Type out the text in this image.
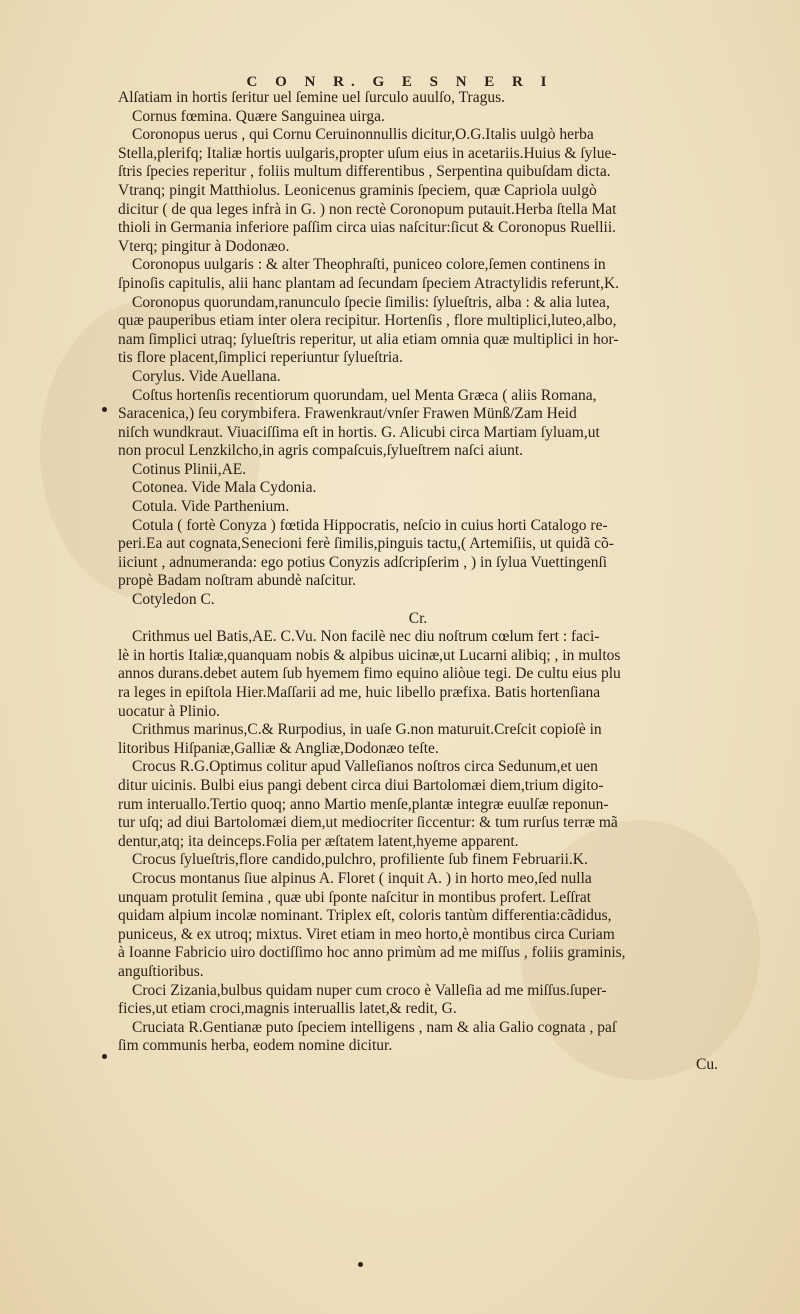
C O N R. G E S N E R I
Alſatiam in hortis ſeritur uel ſemine uel ſurculo auulſo, Tragus.
Cornus fœmina. Quære Sanguinea uirga.
Coronopus uerus , qui Cornu Ceruinonnullis dicitur,O.G.Italis uulgò herba
Stella,plerifq; Italiæ hortis uulgaris,propter uſum eius in acetariis.Huius & ſylue-
ſtris ſpecies reperitur , foliis multum differentibus , Serpentina quibuſdam dicta.
Vtranq; pingit Matthiolus. Leonicenus graminis ſpeciem, quæ Capriola uulgò
dicitur ( de qua leges infrà in G. ) non rectè Coronopum putauit.Herba ſtella Mat
thioli in Germania inferiore paſſim circa uias naſcitur:ſicut & Coronopus Ruellii.
Vterq; pingitur à Dodonæo.
Coronopus uulgaris : & alter Theophraſti, puniceo colore,ſemen continens in
ſpinoſis capitulis, alii hanc plantam ad ſecundam ſpeciem Atractylidis referunt,K.
Coronopus quorundam,ranunculo ſpecie ſimilis: ſylueſtris, alba : & alia lutea,
quæ pauperibus etiam inter olera recipitur. Hortenſis , flore multiplici,luteo,albo,
nam ſimplici utraq; ſylueſtris reperitur, ut alia etiam omnia quæ multiplici in hor-
tis flore placent,ſimplici reperiuntur ſylueſtria.
Corylus. Vide Auellana.
Coſtus hortenſis recentiorum quorundam, uel Menta Græca ( aliis Romana,
Saracenica,) ſeu corymbifera. Frawenkraut/vnſer Frawen Münß/Zam Heid
niſch wundkraut. Viuaciſſima eſt in hortis. G. Alicubi circa Martiam ſyluam,ut
non procul Lenzkilcho,in agris compaſcuis,ſylueſtrem naſci aiunt.
Cotinus Plinii,AE.
Cotonea. Vide Mala Cydonia.
Cotula. Vide Parthenium.
Cotula ( fortè Conyza ) fœtida Hippocratis, neſcio in cuius horti Catalogo re-
peri.Ea aut cognata,Senecioni ferè ſimilis,pinguis tactu,( Artemiſiis, ut quidã cõ-
iiciunt , adnumeranda: ego potius Conyzis adſcripſerim , ) in ſylua Vuettingenſi
propè Badam noſtram abundè naſcitur.
Cotyledon C.
Cr.
Crithmus uel Batis,AE. C.Vu. Non facilè nec diu noſtrum cœlum fert : faci-
lè in hortis Italiæ,quanquam nobis & alpibus uicinæ,ut Lucarni alibiq; , in multos
annos durans.debet autem ſub hyemem fimo equino aliòue tegi. De cultu eius plu
ra leges in epiſtola Hier.Maſſarii ad me, huic libello præfixa. Batis hortenſiana
uocatur à Plinio.
Crithmus marinus,C.& Rurpodius, in uaſe G.non maturuit.Creſcit copioſè in
litoribus Hiſpaniæ,Galliæ & Angliæ,Dodonæo teſte.
Crocus R.G.Optimus colitur apud Valleſianos noſtros circa Sedunum,et uen
ditur uicinis. Bulbi eius pangi debent circa diui Bartolomæi diem,trium digito-
rum interuallo.Tertio quoq; anno Martio menſe,plantæ integræ euulſæ reponun-
tur uſq; ad diui Bartolomæi diem,ut mediocriter ſiccentur: & tum rurſus terræ mã
dentur,atq; ita deinceps.Folia per æſtatem latent,hyeme apparent.
Crocus ſylueſtris,flore candido,pulchro, profiliente ſub finem Februarii.K.
Crocus montanus ſiue alpinus A. Floret ( inquit A. ) in horto meo,ſed nulla
unquam protulit ſemina , quæ ubi ſponte naſcitur in montibus profert. Leſſrat
quidam alpium incolæ nominant. Triplex eſt, coloris tantùm differentia:cãdidus,
puniceus, & ex utroq; mixtus. Viret etiam in meo horto,è montibus circa Curiam
à Ioanne Fabricio uiro doctiſſimo hoc anno primùm ad me miſſus , foliis graminis,
anguſtioribus.
Croci Zizania,bulbus quidam nuper cum croco è Valleſia ad me miſſus.ſuper-
ficies,ut etiam croci,magnis interuallis latet,& redit, G.
Cruciata R.Gentianæ puto ſpeciem intelligens , nam & alia Galio cognata , paſ
ſim communis herba, eodem nomine dicitur.
Cu.
